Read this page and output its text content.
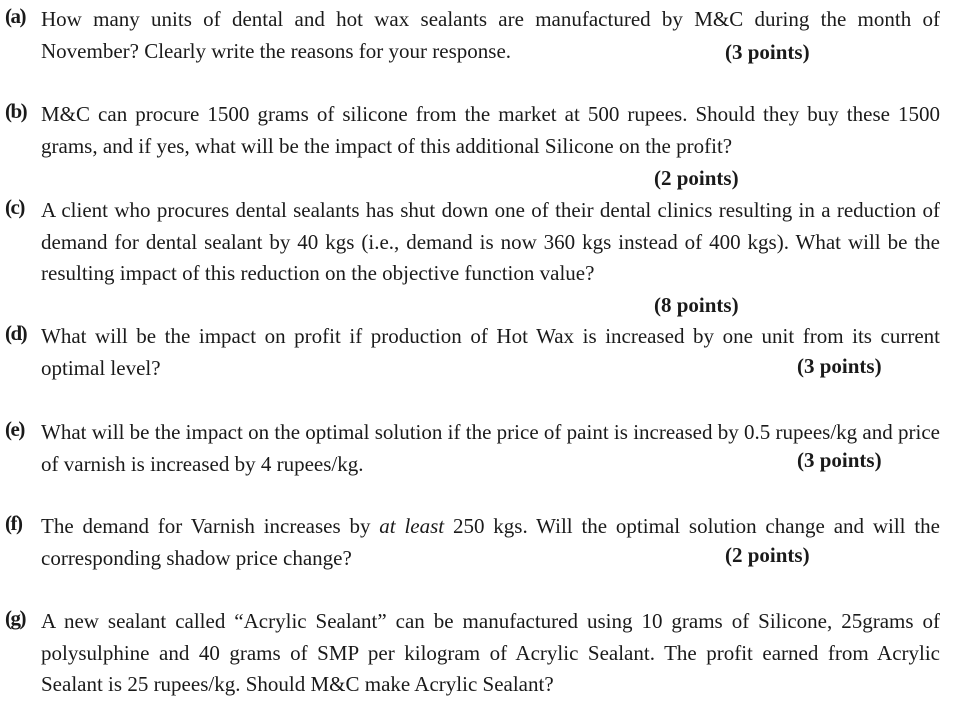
(a) How many units of dental and hot wax sealants are manufactured by M&C during the month of November? Clearly write the reasons for your response.	(3 points)
(b) M&C can procure 1500 grams of silicone from the market at 500 rupees. Should they buy these 1500 grams, and if yes, what will be the impact of this additional Silicone on the profit?
(2 points)
(c) A client who procures dental sealants has shut down one of their dental clinics resulting in a reduction of demand for dental sealant by 40 kgs (i.e., demand is now 360 kgs instead of 400 kgs). What will be the resulting impact of this reduction on the objective function value?
(8 points)
(d) What will be the impact on profit if production of Hot Wax is increased by one unit from its current optimal level?	(3 points)
(e) What will be the impact on the optimal solution if the price of paint is increased by 0.5 rupees/kg and price of varnish is increased by 4 rupees/kg.	(3 points)
(f) The demand for Varnish increases by at least 250 kgs. Will the optimal solution change and will the corresponding shadow price change?	(2 points)
(g) A new sealant called “Acrylic Sealant” can be manufactured using 10 grams of Silicone, 25grams of polysulphine and 40 grams of SMP per kilogram of Acrylic Sealant. The profit earned from Acrylic Sealant is 25 rupees/kg. Should M&C make Acrylic Sealant?
